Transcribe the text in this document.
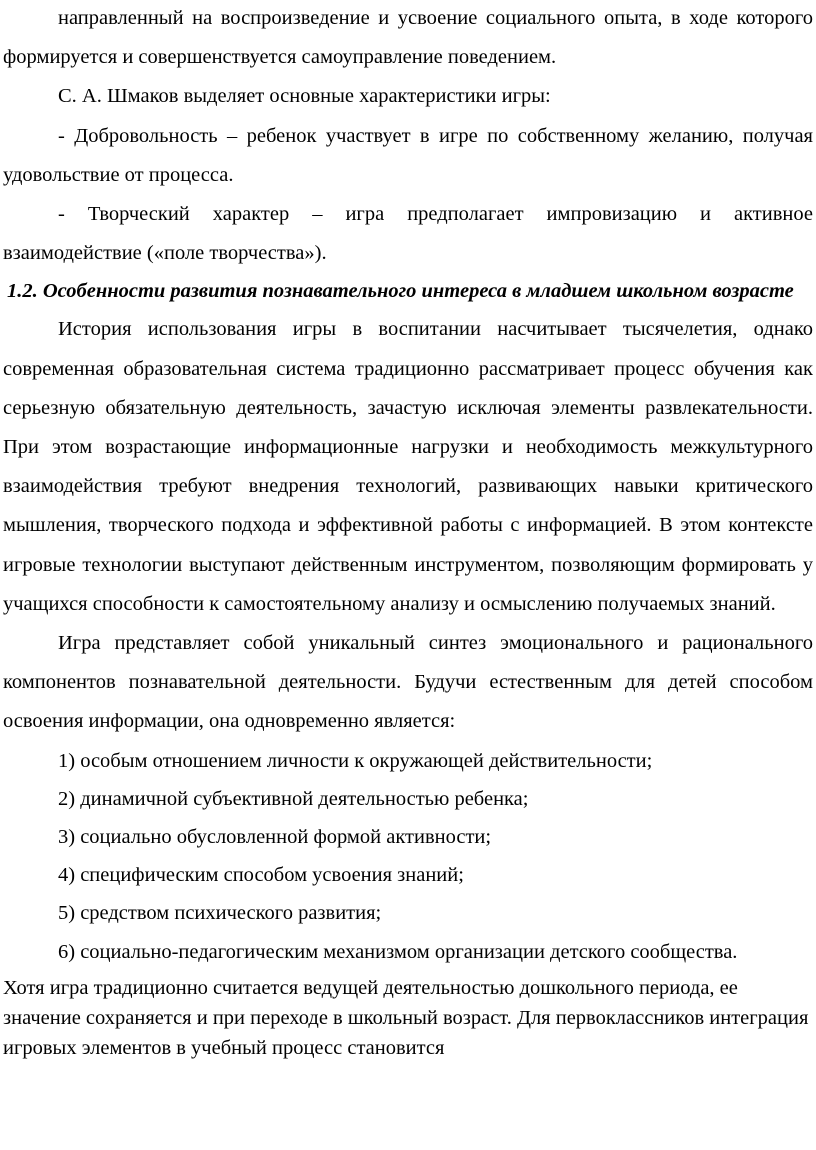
направленный на воспроизведение и усвоение социального опыта, в ходе которого формируется и совершенствуется самоуправление поведением.

С. А. Шмаков выделяет основные характеристики игры:

- Добровольность – ребенок участвует в игре по собственному желанию, получая удовольствие от процесса.

- Творческий характер – игра предполагает импровизацию и активное взаимодействие («поле творчества»).

1.2. Особенности развития познавательного интереса в младшем школьном возрасте

История использования игры в воспитании насчитывает тысячелетия, однако современная образовательная система традиционно рассматривает процесс обучения как серьезную обязательную деятельность, зачастую исключая элементы развлекательности. При этом возрастающие информационные нагрузки и необходимость межкультурного взаимодействия требуют внедрения технологий, развивающих навыки критического мышления, творческого подхода и эффективной работы с информацией. В этом контексте игровые технологии выступают действенным инструментом, позволяющим формировать у учащихся способности к самостоятельному анализу и осмыслению получаемых знаний.

Игра представляет собой уникальный синтез эмоционального и рационального компонентов познавательной деятельности. Будучи естественным для детей способом освоения информации, она одновременно является:

1) особым отношением личности к окружающей действительности;

2) динамичной субъективной деятельностью ребенка;

3) социально обусловленной формой активности;

4) специфическим способом усвоения знаний;

5) средством психического развития;

6) социально-педагогическим механизмом организации детского сообщества.

Хотя игра традиционно считается ведущей деятельностью дошкольного периода, ее значение сохраняется и при переходе в школьный возраст. Для первоклассников интеграция игровых элементов в учебный процесс становится
